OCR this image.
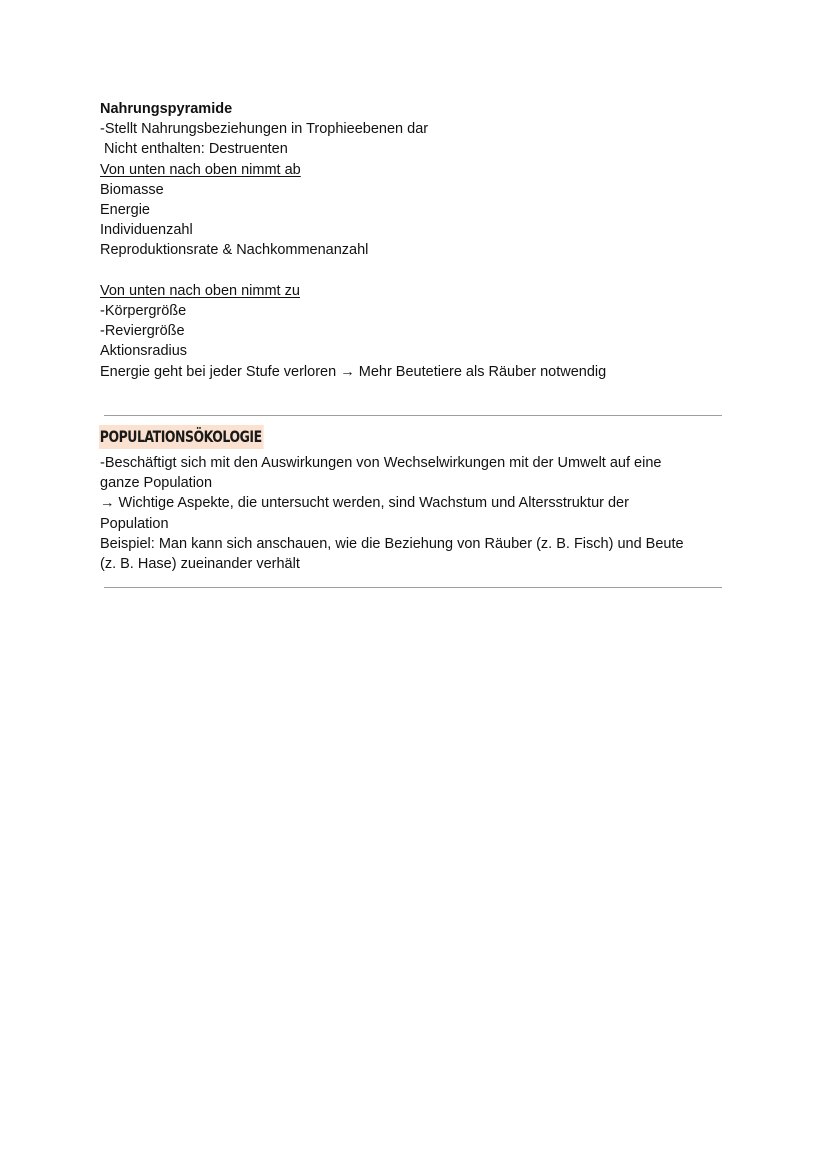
Nahrungspyramide
-Stellt Nahrungsbeziehungen in Trophieebenen dar
Nicht enthalten: Destruenten
Von unten nach oben nimmt ab
Biomasse
Energie
Individuenzahl
Reproduktionsrate & Nachkommenanzahl
Von unten nach oben nimmt zu
-Körpergröße
-Reviergröße
Aktionsradius
Energie geht bei jeder Stufe verloren → Mehr Beutetiere als Räuber notwendig
POPULATIONSÖKOLOGIE
-Beschäftigt sich mit den Auswirkungen von Wechselwirkungen mit der Umwelt auf eine
ganze Population
→ Wichtige Aspekte, die untersucht werden, sind Wachstum und Altersstruktur der
Population
Beispiel: Man kann sich anschauen, wie die Beziehung von Räuber (z. B. Fisch) und Beute
(z. B. Hase) zueinander verhält
